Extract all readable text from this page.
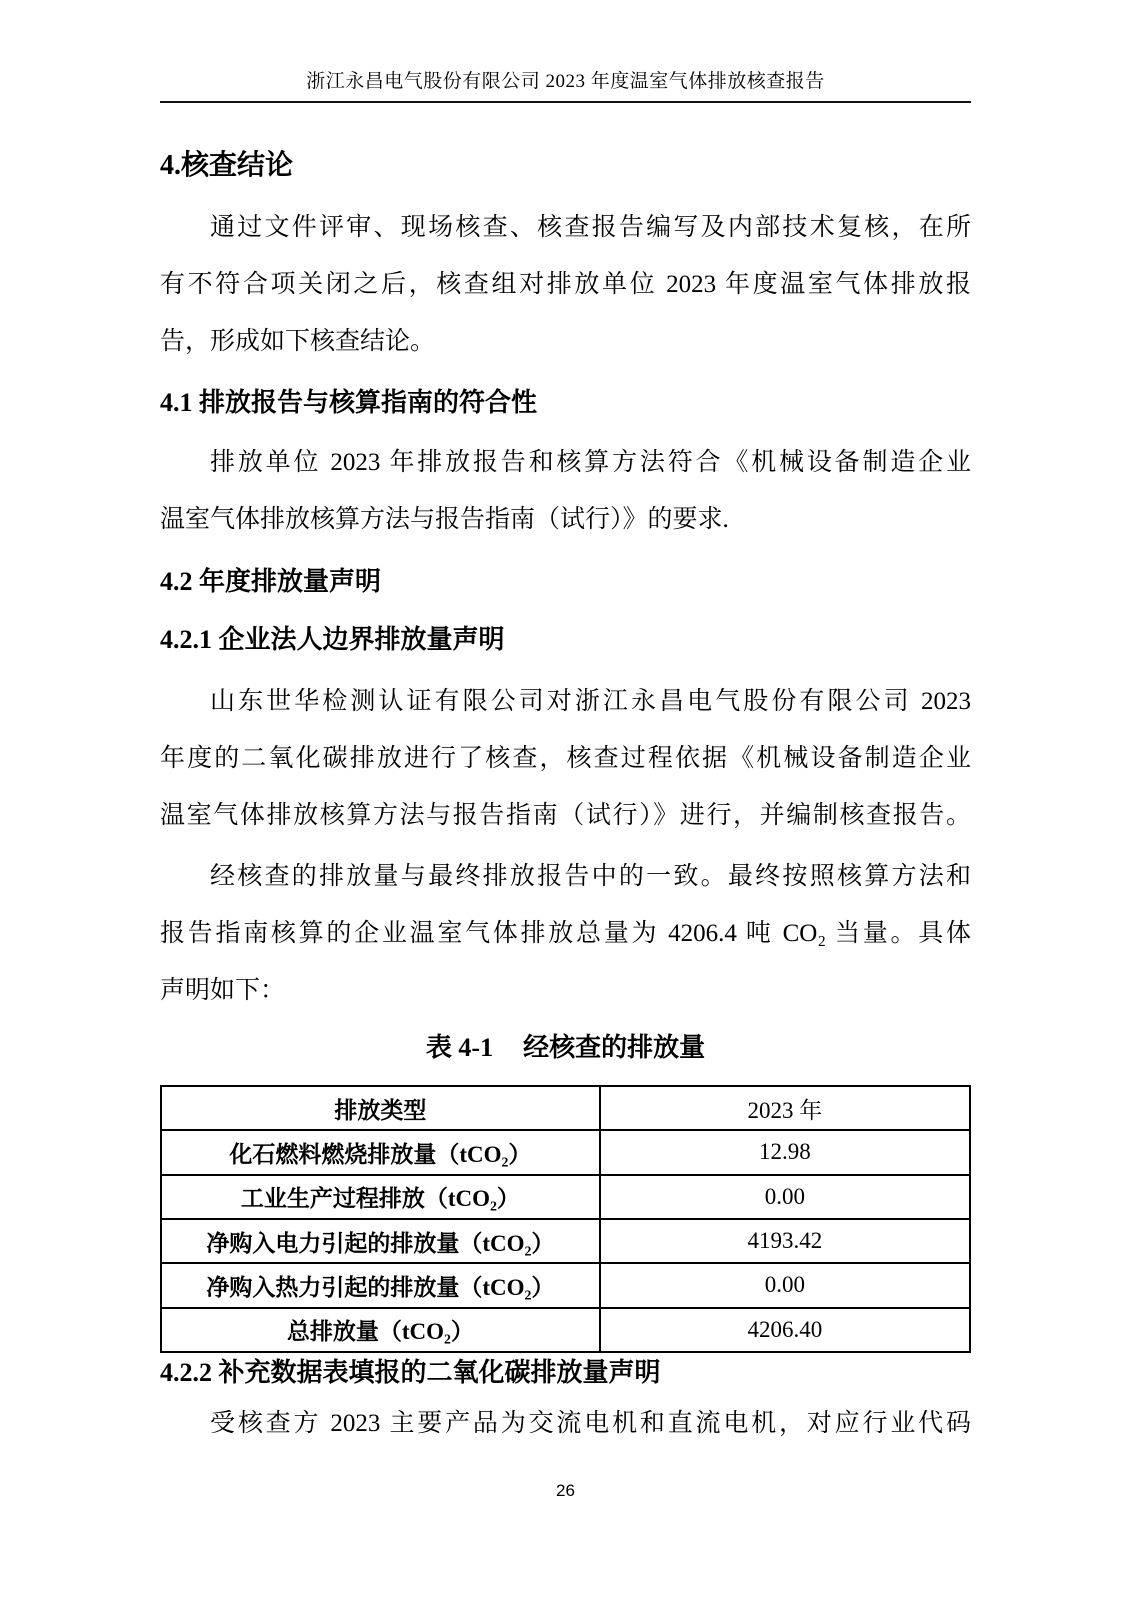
浙江永昌电气股份有限公司 2023 年度温室气体排放核查报告
4.核查结论
通过文件评审、现场核查、核查报告编写及内部技术复核，在所
有不符合项关闭之后，核查组对排放单位 2023 年度温室气体排放报
告，形成如下核查结论。
4.1 排放报告与核算指南的符合性
排放单位 2023 年排放报告和核算方法符合《机械设备制造企业
温室气体排放核算方法与报告指南（试行）》的要求.
4.2 年度排放量声明
4.2.1 企业法人边界排放量声明
山东世华检测认证有限公司对浙江永昌电气股份有限公司 2023
年度的二氧化碳排放进行了核查，核查过程依据《机械设备制造企业
温室气体排放核算方法与报告指南（试行）》进行，并编制核查报告。
经核查的排放量与最终排放报告中的一致。最终按照核算方法和
报告指南核算的企业温室气体排放总量为 4206.4 吨 CO₂ 当量。具体
声明如下：
表 4-1 经核查的排放量
排放类型	2023 年
化石燃料燃烧排放量（tCO₂）	12.98
工业生产过程排放（tCO₂）	0.00
净购入电力引起的排放量（tCO₂）	4193.42
净购入热力引起的排放量（tCO₂）	0.00
总排放量（tCO₂）	4206.40
4.2.2 补充数据表填报的二氧化碳排放量声明
受核查方 2023 主要产品为交流电机和直流电机，对应行业代码
26
